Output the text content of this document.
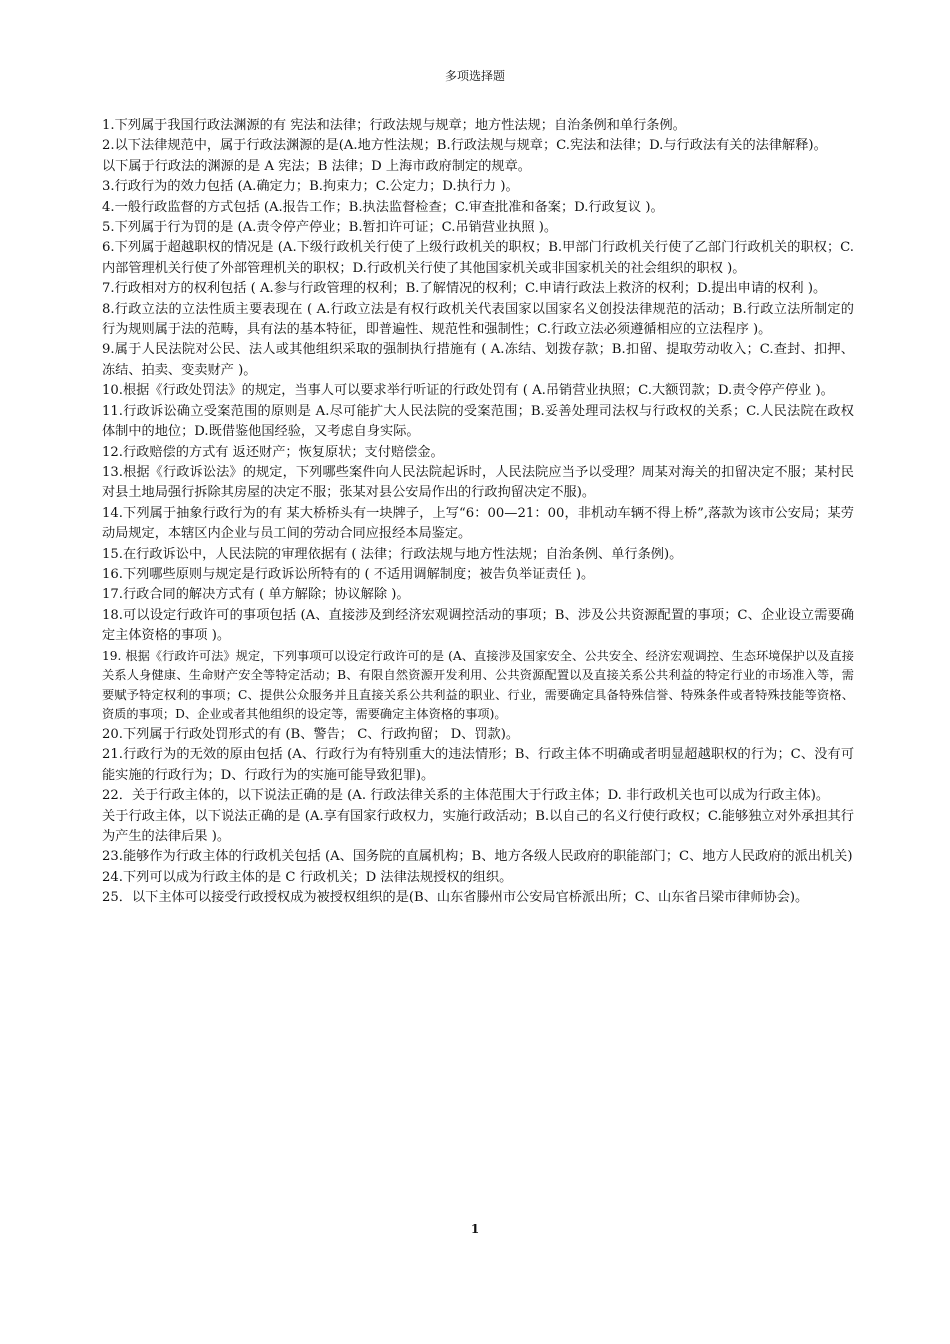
多项选择题

1.下列属于我国行政法渊源的有 宪法和法律；行政法规与规章；地方性法规；自治条例和单行条例。

2.以下法律规范中，属于行政法渊源的是(A.地方性法规；B.行政法规与规章；C.宪法和法律；D.与行政法有关的法律解释)。

以下属于行政法的渊源的是 A 宪法；B 法律；D 上海市政府制定的规章。

3.行政行为的效力包括 (A.确定力；B.拘束力；C.公定力；D.执行力 )。

4.一般行政监督的方式包括 (A.报告工作；B.执法监督检查；C.审查批准和备案；D.行政复议 )。

5.下列属于行为罚的是 (A.责令停产停业；B.暂扣许可证；C.吊销营业执照 )。

6.下列属于超越职权的情况是 (A.下级行政机关行使了上级行政机关的职权；B.甲部门行政机关行使了乙部门行政机关的职权；C.内部管理机关行使了外部管理机关的职权；D.行政机关行使了其他国家机关或非国家机关的社会组织的职权 )。

7.行政相对方的权利包括 ( A.参与行政管理的权利；B.了解情况的权利；C.申请行政法上救济的权利；D.提出申请的权利 )。

8.行政立法的立法性质主要表现在 ( A.行政立法是有权行政机关代表国家以国家名义创投法律规范的活动；B.行政立法所制定的行为规则属于法的范畴，具有法的基本特征，即普遍性、规范性和强制性；C.行政立法必须遵循相应的立法程序 )。

9.属于人民法院对公民、法人或其他组织采取的强制执行措施有 ( A.冻结、划拨存款；B.扣留、提取劳动收入；C.查封、扣押、冻结、拍卖、变卖财产 )。

10.根据《行政处罚法》的规定，当事人可以要求举行听证的行政处罚有 ( A.吊销营业执照；C.大额罚款；D.责令停产停业 )。

11.行政诉讼确立受案范围的原则是 A.尽可能扩大人民法院的受案范围；B.妥善处理司法权与行政权的关系；C.人民法院在政权体制中的地位；D.既借鉴他国经验，又考虑自身实际。

12.行政赔偿的方式有 返还财产；恢复原状；支付赔偿金。

13.根据《行政诉讼法》的规定，下列哪些案件向人民法院起诉时，人民法院应当予以受理？周某对海关的扣留决定不服；某村民对县土地局强行拆除其房屋的决定不服；张某对县公安局作出的行政拘留决定不服)。

14.下列属于抽象行政行为的有 某大桥桥头有一块牌子，上写“6：00—21：00，非机动车辆不得上桥”,落款为该市公安局；某劳动局规定，本辖区内企业与员工间的劳动合同应报经本局鉴定。

15.在行政诉讼中，人民法院的审理依据有 ( 法律；行政法规与地方性法规；自治条例、单行条例)。

16.下列哪些原则与规定是行政诉讼所特有的 ( 不适用调解制度；被告负举证责任 )。

17.行政合同的解决方式有 ( 单方解除；协议解除 )。

18.可以设定行政许可的事项包括 (A、直接涉及到经济宏观调控活动的事项；B、涉及公共资源配置的事项；C、企业设立需要确定主体资格的事项 )。

19. 根据《行政许可法》规定，下列事项可以设定行政许可的是 (A、直接涉及国家安全、公共安全、经济宏观调控、生态环境保护以及直接关系人身健康、生命财产安全等特定活动；B、有限自然资源开发利用、公共资源配置以及直接关系公共利益的特定行业的市场准入等，需要赋予特定权利的事项；C、提供公众服务并且直接关系公共利益的职业、行业，需要确定具备特殊信誉、特殊条件或者特殊技能等资格、资质的事项；D、企业或者其他组织的设定等，需要确定主体资格的事项)。

20.下列属于行政处罚形式的有 (B、警告； C、行政拘留； D、罚款)。

21.行政行为的无效的原由包括 (A、行政行为有特别重大的违法情形；B、行政主体不明确或者明显超越职权的行为；C、没有可能实施的行政行为；D、行政行为的实施可能导致犯罪)。

22．关于行政主体的，以下说法正确的是 (A. 行政法律关系的主体范围大于行政主体；D. 非行政机关也可以成为行政主体)。

关于行政主体，以下说法正确的是 (A.享有国家行政权力，实施行政活动；B.以自己的名义行使行政权；C.能够独立对外承担其行为产生的法律后果 )。

23.能够作为行政主体的行政机关包括 (A、国务院的直属机构；B、地方各级人民政府的职能部门；C、地方人民政府的派出机关)

24.下列可以成为行政主体的是 C 行政机关；D 法律法规授权的组织。

25．以下主体可以接受行政授权成为被授权组织的是(B、山东省滕州市公安局官桥派出所；C、山东省吕梁市律师协会)。

1
